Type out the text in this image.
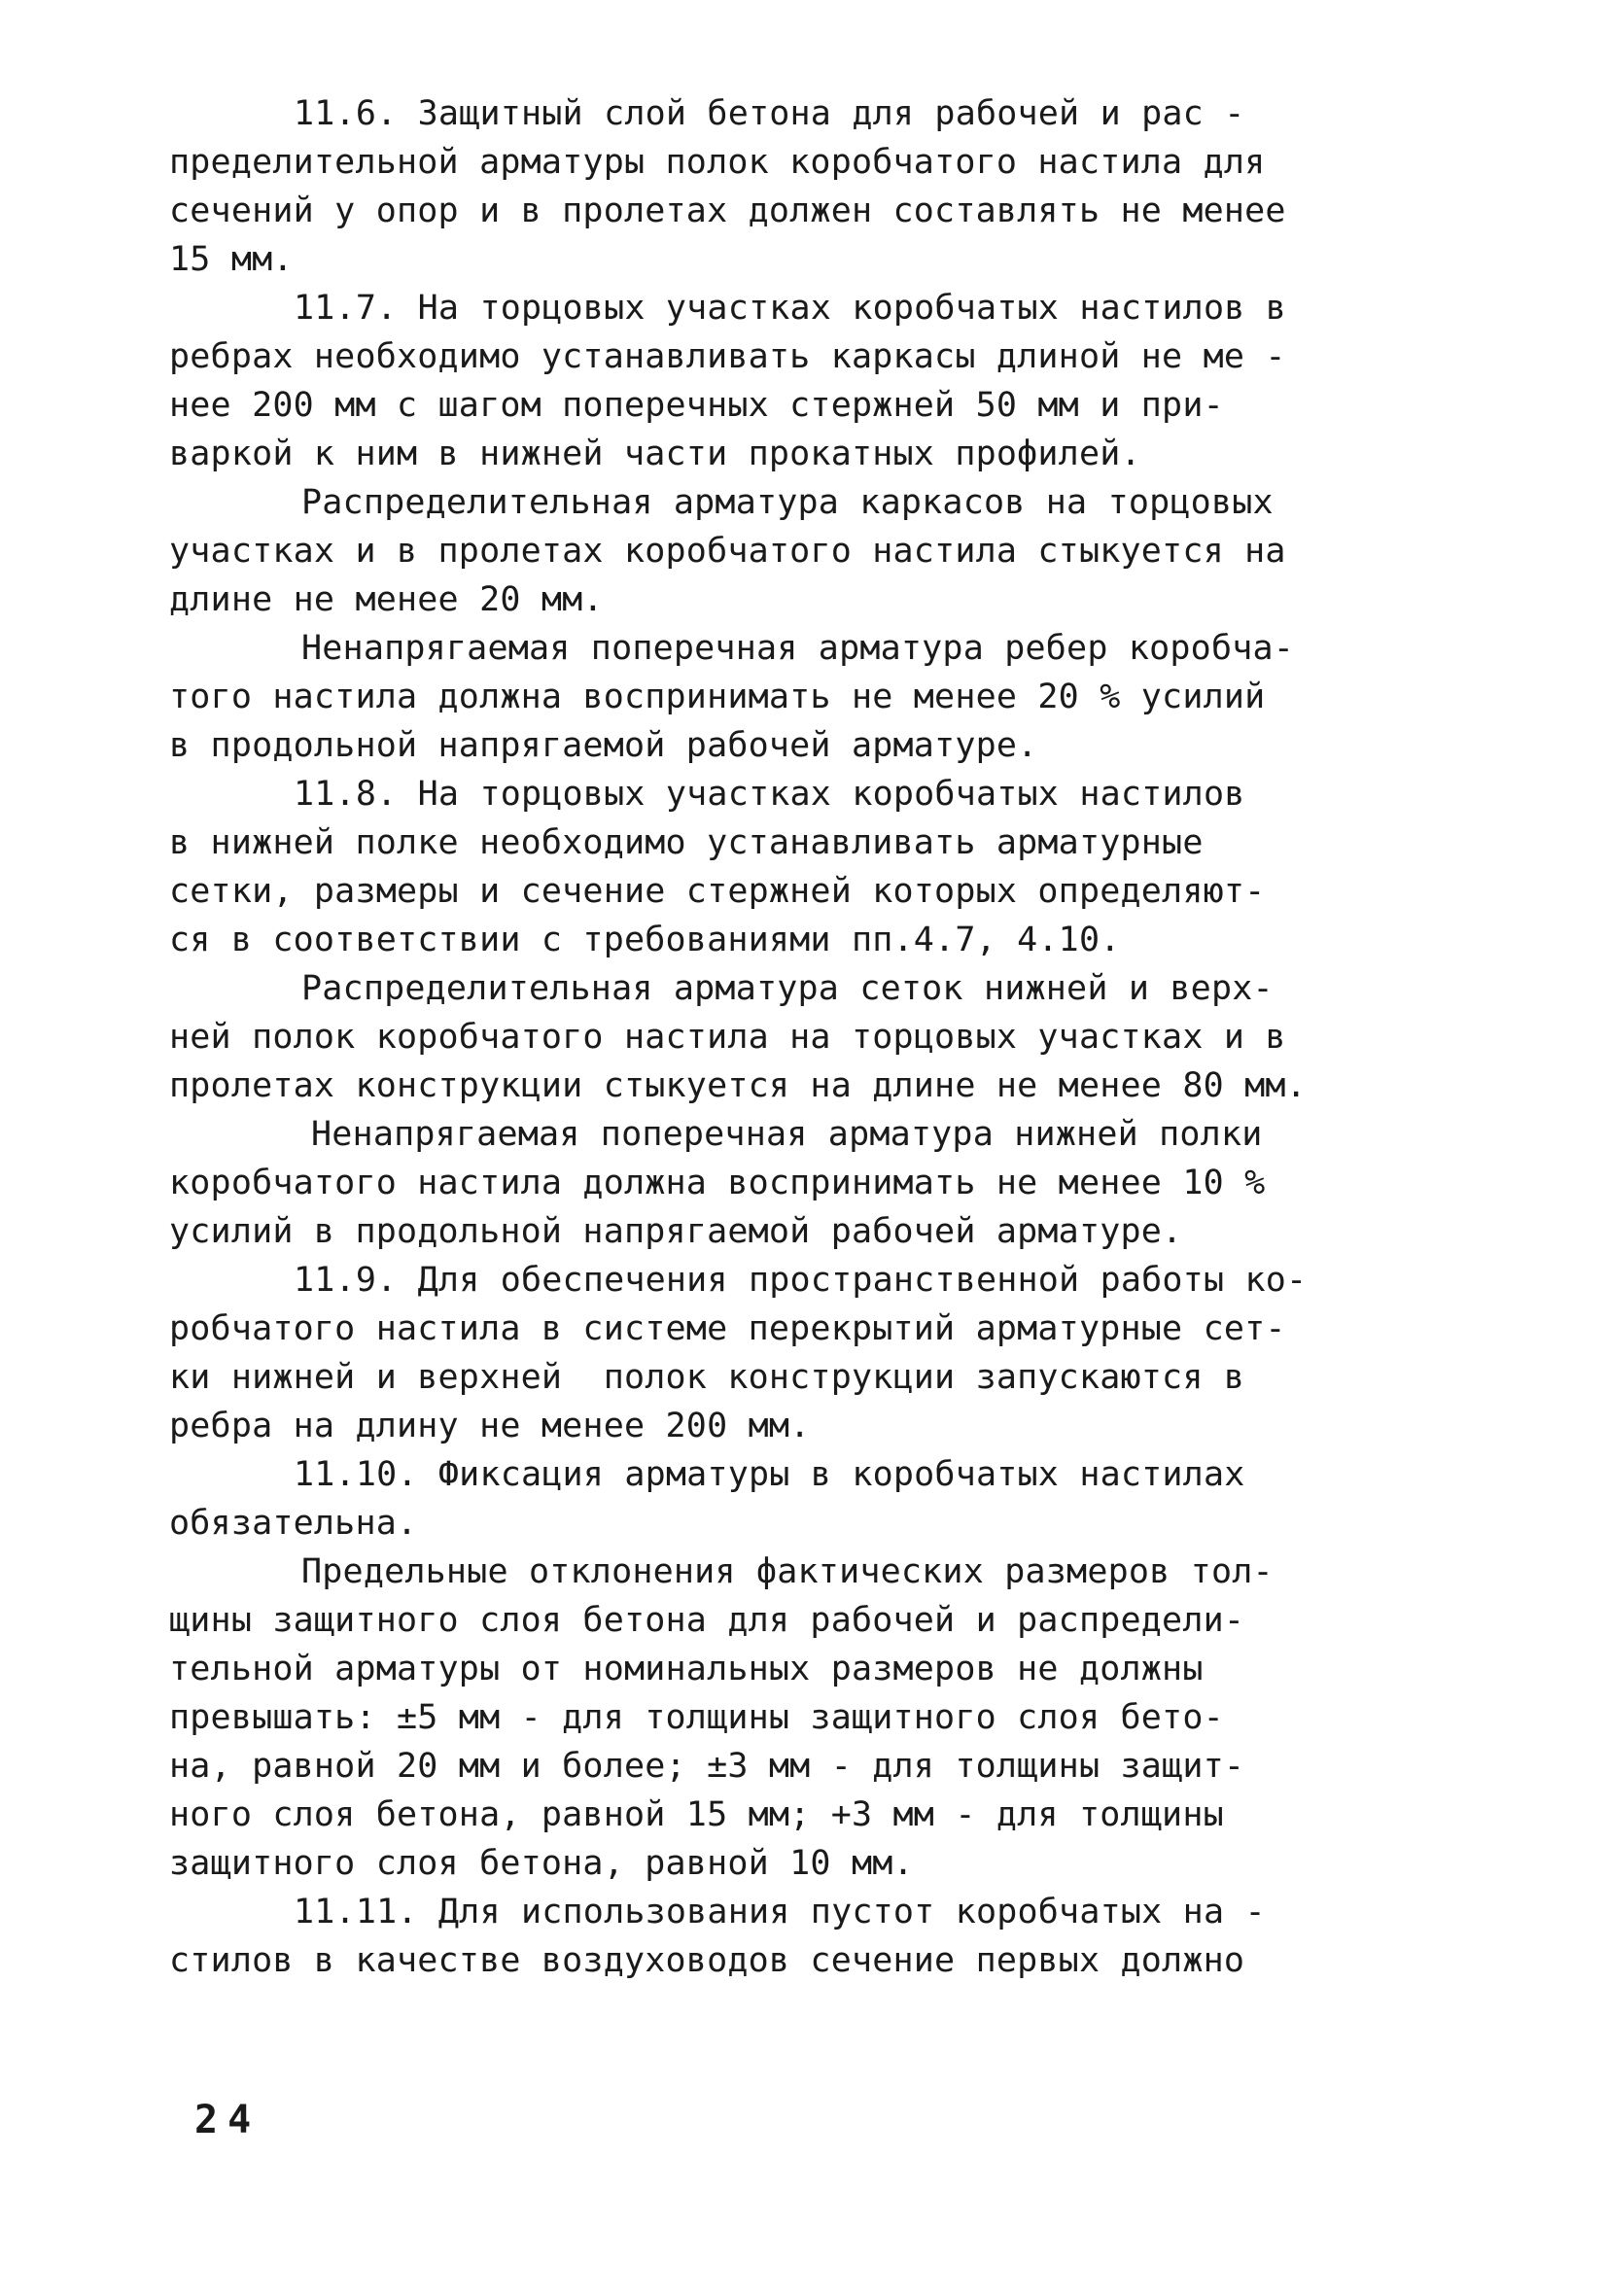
11.6. Защитный слой бетона для рабочей и рас -
пределительной арматуры полок коробчатого настила для
сечений у опор и в пролетах должен составлять не менее
15 мм.

11.7. На торцовых участках коробчатых настилов в
ребрах необходимо устанавливать каркасы длиной не ме -
нее 200 мм с шагом поперечных стержней 50 мм и при-
варкой к ним в нижней части прокатных профилей.

Распределительная арматура каркасов на торцовых
участках и в пролетах коробчатого настила стыкуется на
длине не менее 20 мм.

Ненапрягаемая поперечная арматура ребер коробча-
того настила должна воспринимать не менее 20 % усилий
в продольной напрягаемой рабочей арматуре.

11.8. На торцовых участках коробчатых настилов
в нижней полке необходимо устанавливать арматурные
сетки, размеры и сечение стержней которых определяют-
ся в соответствии с требованиями пп.4.7, 4.10.

Распределительная арматура сеток нижней и верх-
ней полок коробчатого настила на торцовых участках и в
пролетах конструкции стыкуется на длине не менее 80 мм.

Ненапрягаемая поперечная арматура нижней полки
коробчатого настила должна воспринимать не менее 10 %
усилий в продольной напрягаемой рабочей арматуре.

11.9. Для обеспечения пространственной работы ко-
робчатого настила в системе перекрытий арматурные сет-
ки нижней и верхней  полок конструкции запускаются в
ребра на длину не менее 200 мм.

11.10. Фиксация арматуры в коробчатых настилах
обязательна.

Предельные отклонения фактических размеров тол-
щины защитного слоя бетона для рабочей и распредели-
тельной арматуры от номинальных размеров не должны
превышать: ±5 мм - для толщины защитного слоя бето-
на, равной 20 мм и более; ±3 мм - для толщины защит-
ного слоя бетона, равной 15 мм; +3 мм - для толщины
защитного слоя бетона, равной 10 мм.

11.11. Для использования пустот коробчатых на -
стилов в качестве воздуховодов сечение первых должно

24
